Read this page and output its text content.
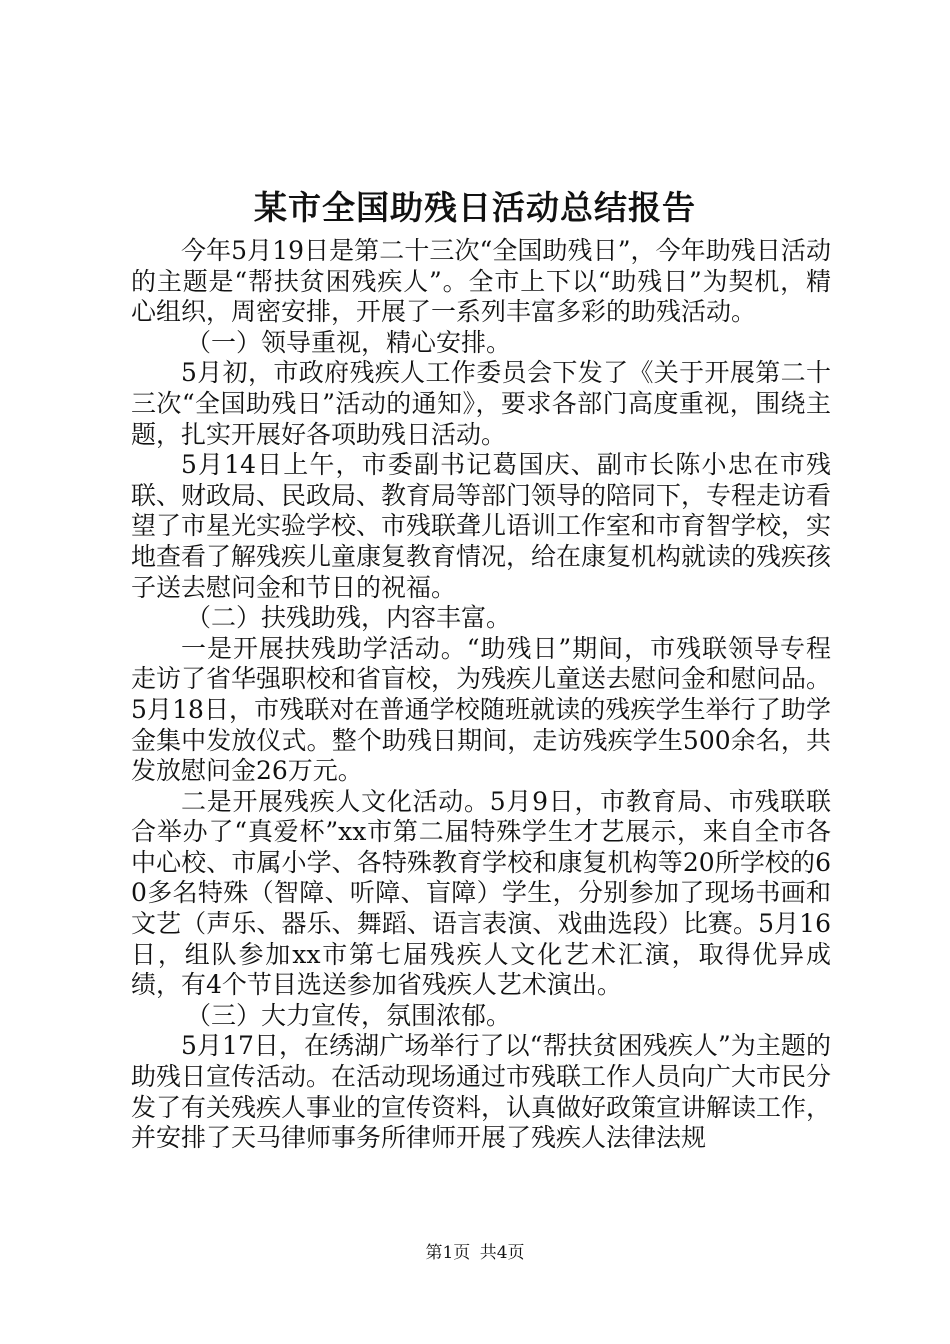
某市全国助残日活动总结报告

今年5月19日是第二十三次“全国助残日”，今年助残日活动的主题是“帮扶贫困残疾人”。全市上下以“助残日”为契机，精心组织，周密安排，开展了一系列丰富多彩的助残活动。

（一）领导重视，精心安排。

5月初，市政府残疾人工作委员会下发了《关于开展第二十三次“全国助残日”活动的通知》，要求各部门高度重视，围绕主题，扎实开展好各项助残日活动。

5月14日上午，市委副书记葛国庆、副市长陈小忠在市残联、财政局、民政局、教育局等部门领导的陪同下，专程走访看望了市星光实验学校、市残联聋儿语训工作室和市育智学校，实地查看了解残疾儿童康复教育情况，给在康复机构就读的残疾孩子送去慰问金和节日的祝福。

（二）扶残助残，内容丰富。

一是开展扶残助学活动。“助残日”期间，市残联领导专程走访了省华强职校和省盲校，为残疾儿童送去慰问金和慰问品。5月18日，市残联对在普通学校随班就读的残疾学生举行了助学金集中发放仪式。整个助残日期间，走访残疾学生500余名，共发放慰问金26万元。

二是开展残疾人文化活动。5月9日，市教育局、市残联联合举办了“真爱杯”xx市第二届特殊学生才艺展示，来自全市各中心校、市属小学、各特殊教育学校和康复机构等20所学校的60多名特殊（智障、听障、盲障）学生，分别参加了现场书画和文艺（声乐、器乐、舞蹈、语言表演、戏曲选段）比赛。5月16日，组队参加xx市第七届残疾人文化艺术汇演，取得优异成绩，有4个节目选送参加省残疾人艺术演出。

（三）大力宣传，氛围浓郁。

5月17日，在绣湖广场举行了以“帮扶贫困残疾人”为主题的助残日宣传活动。在活动现场通过市残联工作人员向广大市民分发了有关残疾人事业的宣传资料，认真做好政策宣讲解读工作，并安排了天马律师事务所律师开展了残疾人法律法规

第1页 共4页
